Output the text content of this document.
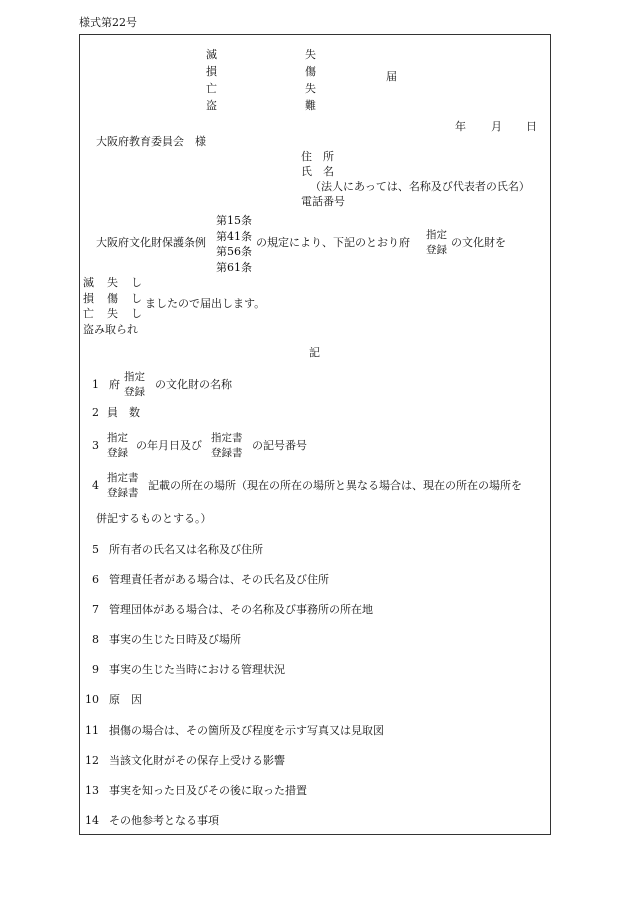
様式第22号
滅
損
亡
盗
失
傷
失
難
届
年 月 日
大阪府教育委員会　様
住　所
氏　名
（法人にあっては、名称及び代表者の氏名）
電話番号
大阪府文化財保護条例
第15条
第41条
第56条
第61条
の規定により、下記のとおり府
指定
登録
の文化財を
滅
損
亡
盗み取られ
失し
傷し
失し
ましたので届出します。
記
1 府
指定
登録
の文化財の名称
2 員　数
3
指定
登録
の年月日及び
指定書
登録書
の記号番号
4
指定書
登録書
記載の所在の場所（現在の所在の場所と異なる場合は、現在の所在の場所を
併記するものとする。）
5 所有者の氏名又は名称及び住所
6 管理責任者がある場合は、その氏名及び住所
7 管理団体がある場合は、その名称及び事務所の所在地
8 事実の生じた日時及び場所
9 事実の生じた当時における管理状況
10 原　因
11 損傷の場合は、その箇所及び程度を示す写真又は見取図
12 当該文化財がその保存上受ける影響
13 事実を知った日及びその後に取った措置
14 その他参考となる事項
